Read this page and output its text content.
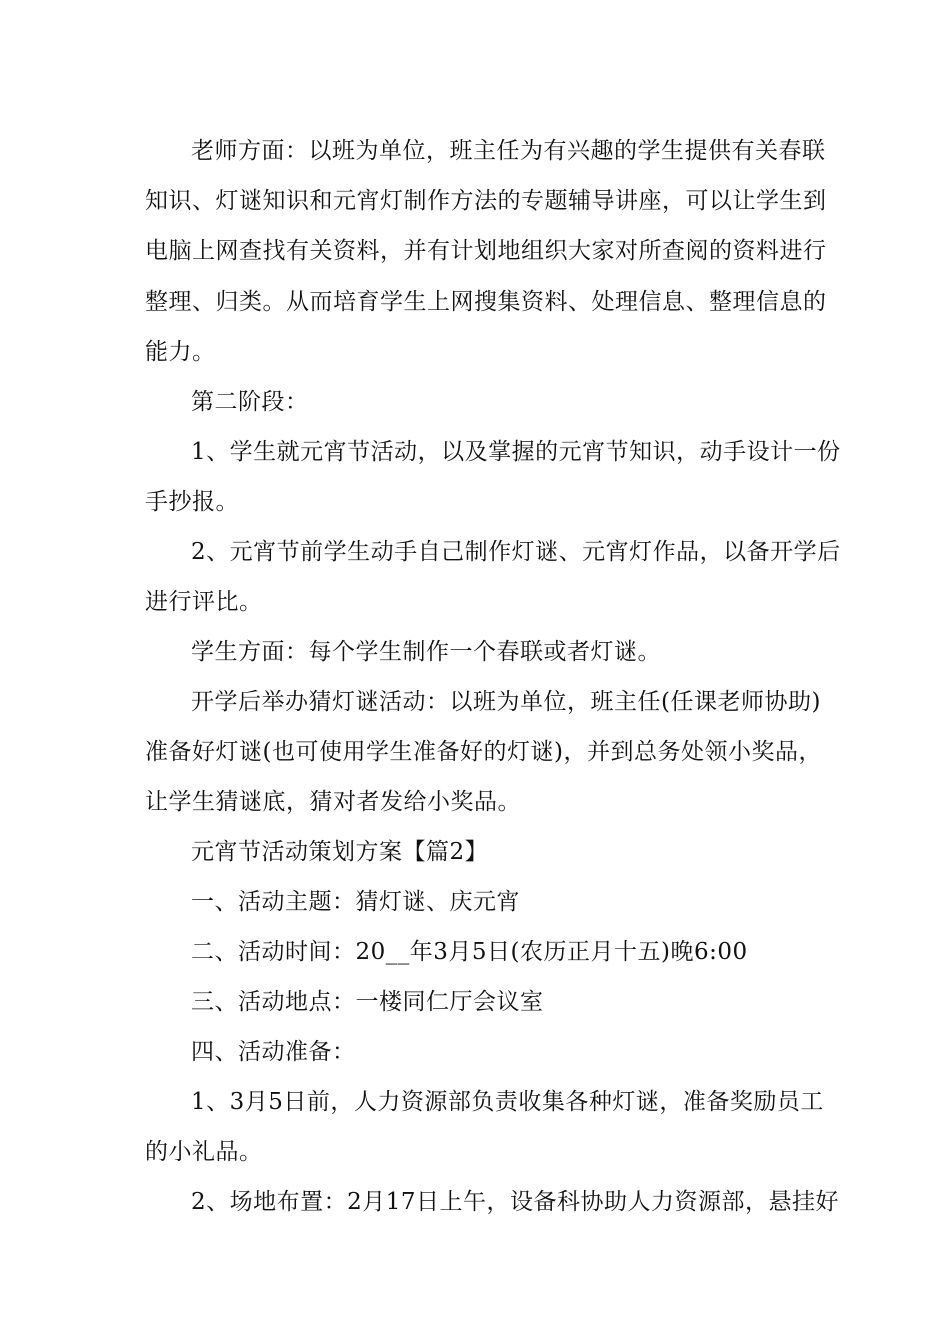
老师方面：以班为单位，班主任为有兴趣的学生提供有关春联
知识、灯谜知识和元宵灯制作方法的专题辅导讲座，可以让学生到
电脑上网查找有关资料，并有计划地组织大家对所查阅的资料进行
整理、归类。从而培育学生上网搜集资料、处理信息、整理信息的
能力。
第二阶段：
1、学生就元宵节活动，以及掌握的元宵节知识，动手设计一份
手抄报。
2、元宵节前学生动手自己制作灯谜、元宵灯作品，以备开学后
进行评比。
学生方面：每个学生制作一个春联或者灯谜。
开学后举办猜灯谜活动：以班为单位，班主任(任课老师协助)
准备好灯谜(也可使用学生准备好的灯谜)，并到总务处领小奖品，
让学生猜谜底，猜对者发给小奖品。
元宵节活动策划方案【篇2】
一、活动主题：猜灯谜、庆元宵
二、活动时间：20__年3月5日(农历正月十五)晚6:00
三、活动地点：一楼同仁厅会议室
四、活动准备：
1、3月5日前，人力资源部负责收集各种灯谜，准备奖励员工
的小礼品。
2、场地布置：2月17日上午，设备科协助人力资源部，悬挂好
